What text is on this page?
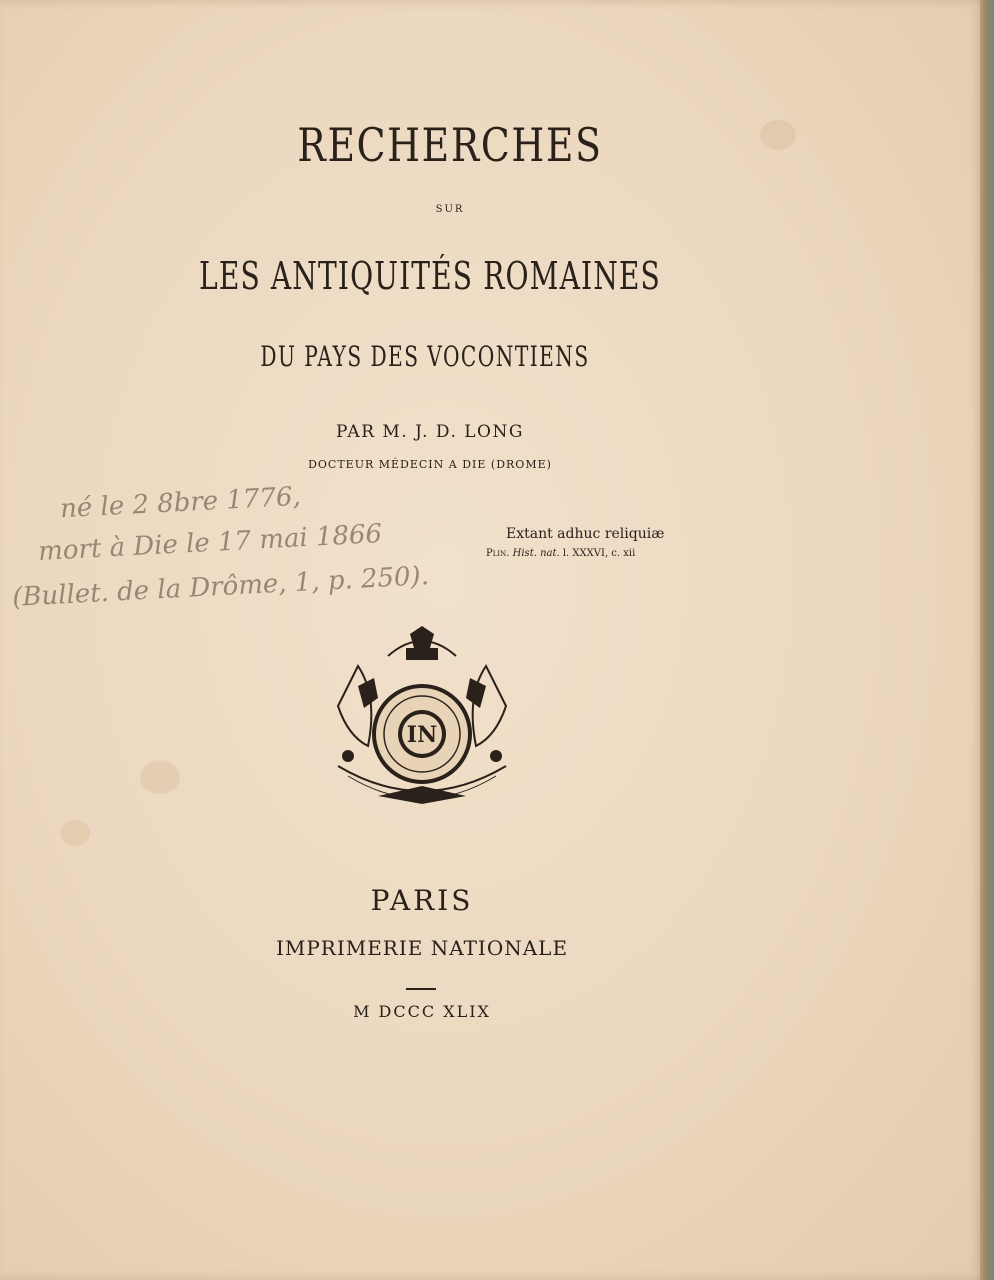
RECHERCHES
SUR
LES ANTIQUITÉS ROMAINES
DU PAYS DES VOCONTIENS
PAR M. J. D. LONG
DOCTEUR MÉDECIN A DIE (DROME)
né le 2 8bre 1776,
mort à Die le 17 mai 1866
(Bullet. de la Drôme, 1, p. 250).
Extant adhuc reliquiæ
Plin. Hist. nat. l. XXXVI, c. xii
IN
PARIS
IMPRIMERIE NATIONALE
M DCCC XLIX
